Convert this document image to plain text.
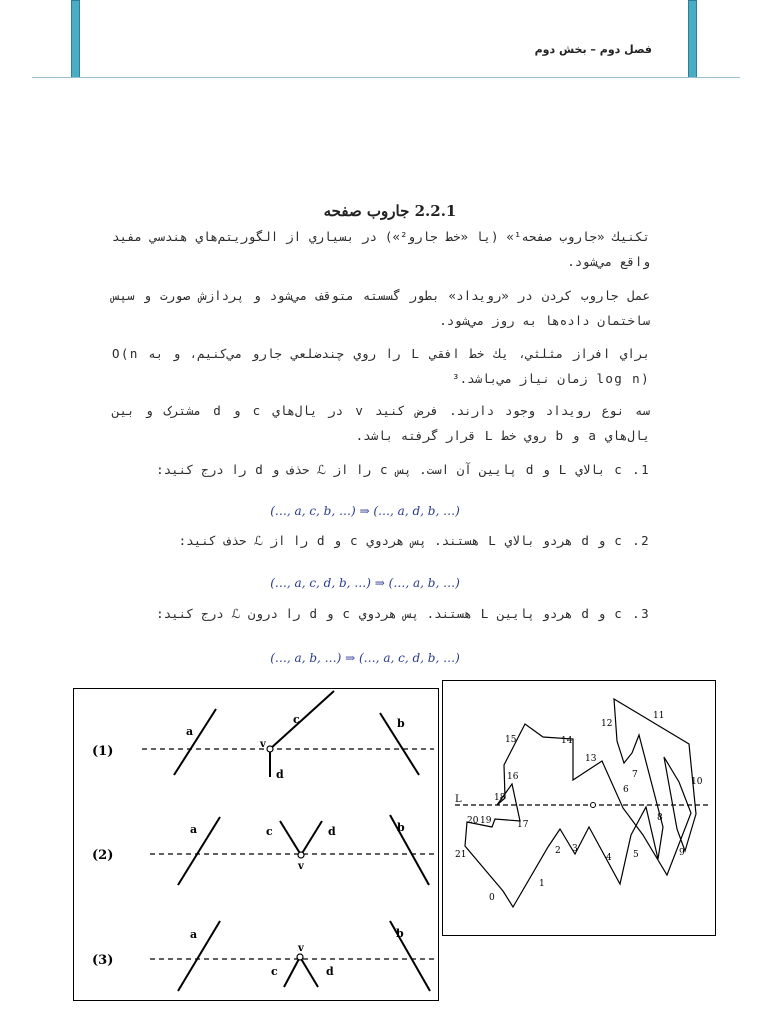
فصل دوم – بخش دوم
2.2.1 جاروب صفحه
تكنيك «جاروب صفحه¹» (يا «خط جارو²») در بسياري از الگوريتم‌هاي هندسي مفيد واقع مي‌شود.
عمل جاروب كردن در «رويداد» بطور گسسته متوقف مي‌شود و پردازش صورت و سپس ساختمان داده‌ها به روز مي‌شود.
براي افراز مثلثي، يك خط افقي L را روي چندضلعي جارو مي‌كنيم، و به O(n log n) زمان نياز مي‌باشد.³
سه نوع رويداد وجود دارند. فرض كنيد v در يال‌هاي c و d مشترک و بين يال‌هاي a و b روي خط L قرار گرفته باشد.
1. c بالاي L و d پايين آن است. پس c را از ℒ حذف و d را درج كنيد:
(…, a, c, b, …) ⇒ (…, a, d, b, …)
2. c و d هردو بالاي L هستند. پس هردوي c و d را از ℒ حذف كنيد:
(…, a, c, d, b, …) ⇒ (…, a, b, …)
3. c و d هردو پايين L هستند. پس هردوي c و d را درون ℒ درج كنيد:
(…, a, b, …) ⇒ (…, a, c, d, b, …)
(1)
a
c
d
v
b
(2)
a	c	d
v
b
(3)
a
c	d
v
b
L
0
1
2 3
4 5
6
7
8
9
10
11
12
13
14
15
16
17
18
19
20
21
